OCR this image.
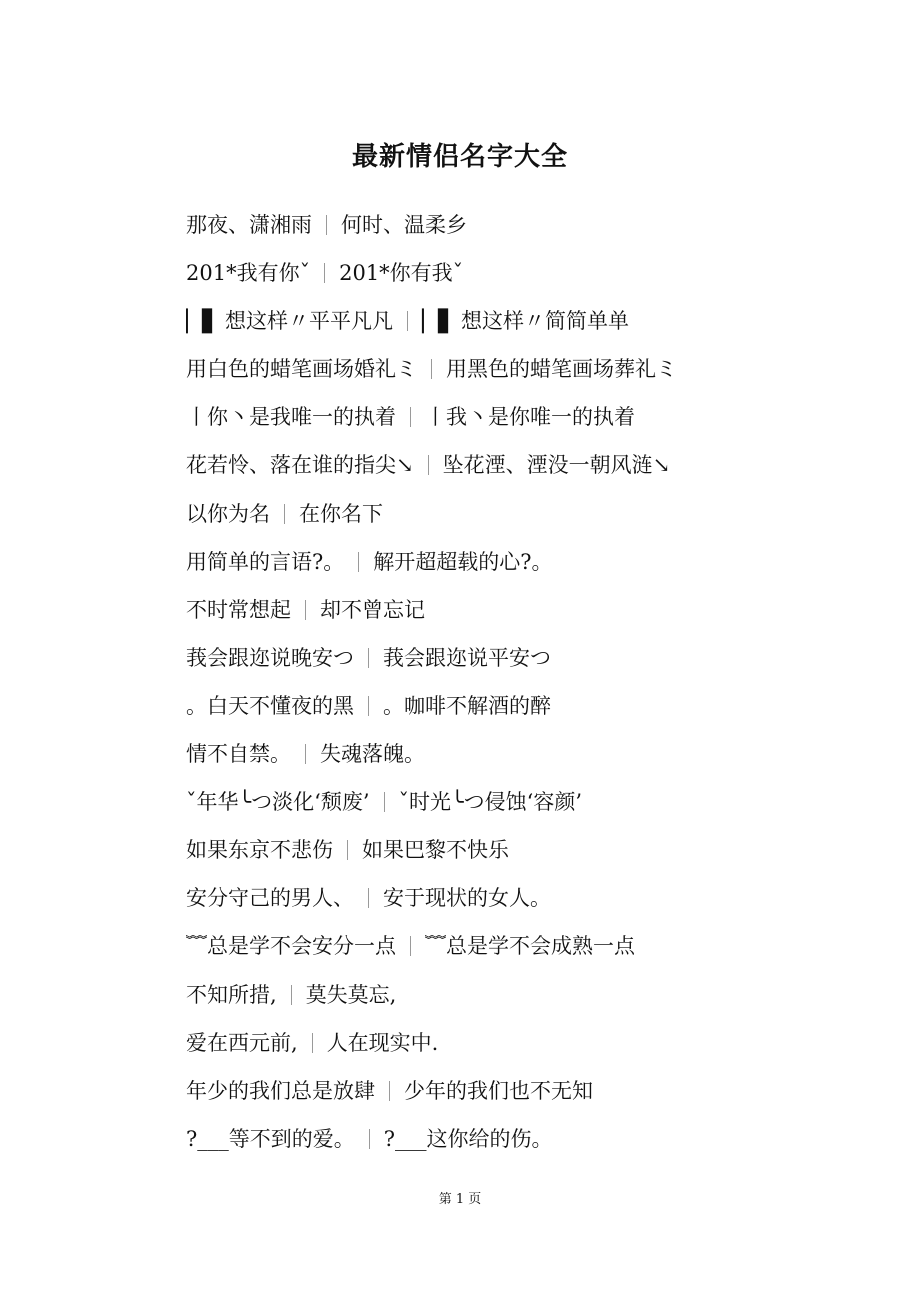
最新情侣名字大全
那夜、潇湘雨 何时、温柔乡
201*我有你ˇ 201*你有我ˇ
▏▋ 想这样〃平平凡凡 ▏▋ 想这样〃简简单单
用白色的蜡笔画场婚礼ミ 用黑色的蜡笔画场葬礼ミ
丨你丶是我唯一的执着 丨我丶是你唯一的执着
花若怜、落在谁的指尖↘ 坠花湮、湮没一朝风涟↘
以你为名 在你名下
用简单的言语?。 解开超超载的心?。
不时常想起 却不曾忘记
莪会跟迩说晚安つ 莪会跟迩说平安つ
。白天不懂夜的黑 。咖啡不解酒的醉
情不自禁。 失魂落魄。
ˇ年华╰つ淡化‘颓废’ ˇ时光╰つ侵蚀‘容颜’
如果东京不悲伤 如果巴黎不快乐
安分守己的男人、 安于现状的女人。
﹌总是学不会安分一点 ﹌总是学不会成熟一点
不知所措, 莫失莫忘,
爱在西元前, 人在现实中.
年少的我们总是放肆 少年的我们也不无知
?___等不到的爱。 ?___这你给的伤。
第 1 页
